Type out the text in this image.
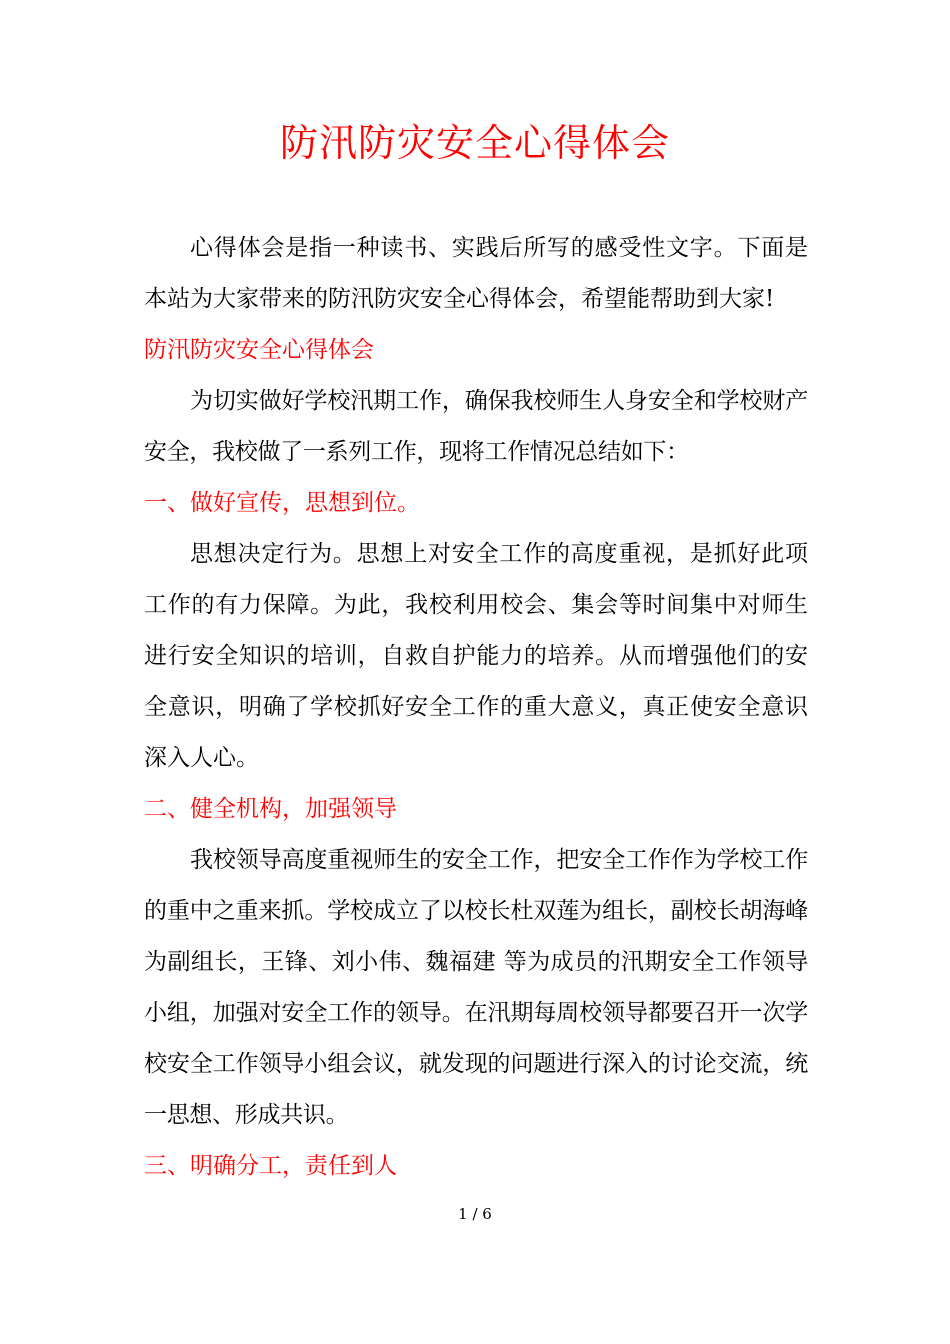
防汛防灾安全心得体会

心得体会是指一种读书、实践后所写的感受性文字。下面是本站为大家带来的防汛防灾安全心得体会，希望能帮助到大家!

防汛防灾安全心得体会

为切实做好学校汛期工作，确保我校师生人身安全和学校财产安全，我校做了一系列工作，现将工作情况总结如下：

一、做好宣传，思想到位。

思想决定行为。思想上对安全工作的高度重视，是抓好此项工作的有力保障。为此，我校利用校会、集会等时间集中对师生进行安全知识的培训，自救自护能力的培养。从而增强他们的安全意识，明确了学校抓好安全工作的重大意义，真正使安全意识深入人心。

二、健全机构，加强领导

我校领导高度重视师生的安全工作，把安全工作作为学校工作的重中之重来抓。学校成立了以校长杜双莲为组长，副校长胡海峰为副组长，王锋、刘小伟、魏福建 等为成员的汛期安全工作领导小组，加强对安全工作的领导。在汛期每周校领导都要召开一次学校安全工作领导小组会议，就发现的问题进行深入的讨论交流，统一思想、形成共识。

三、明确分工，责任到人

1 / 6
